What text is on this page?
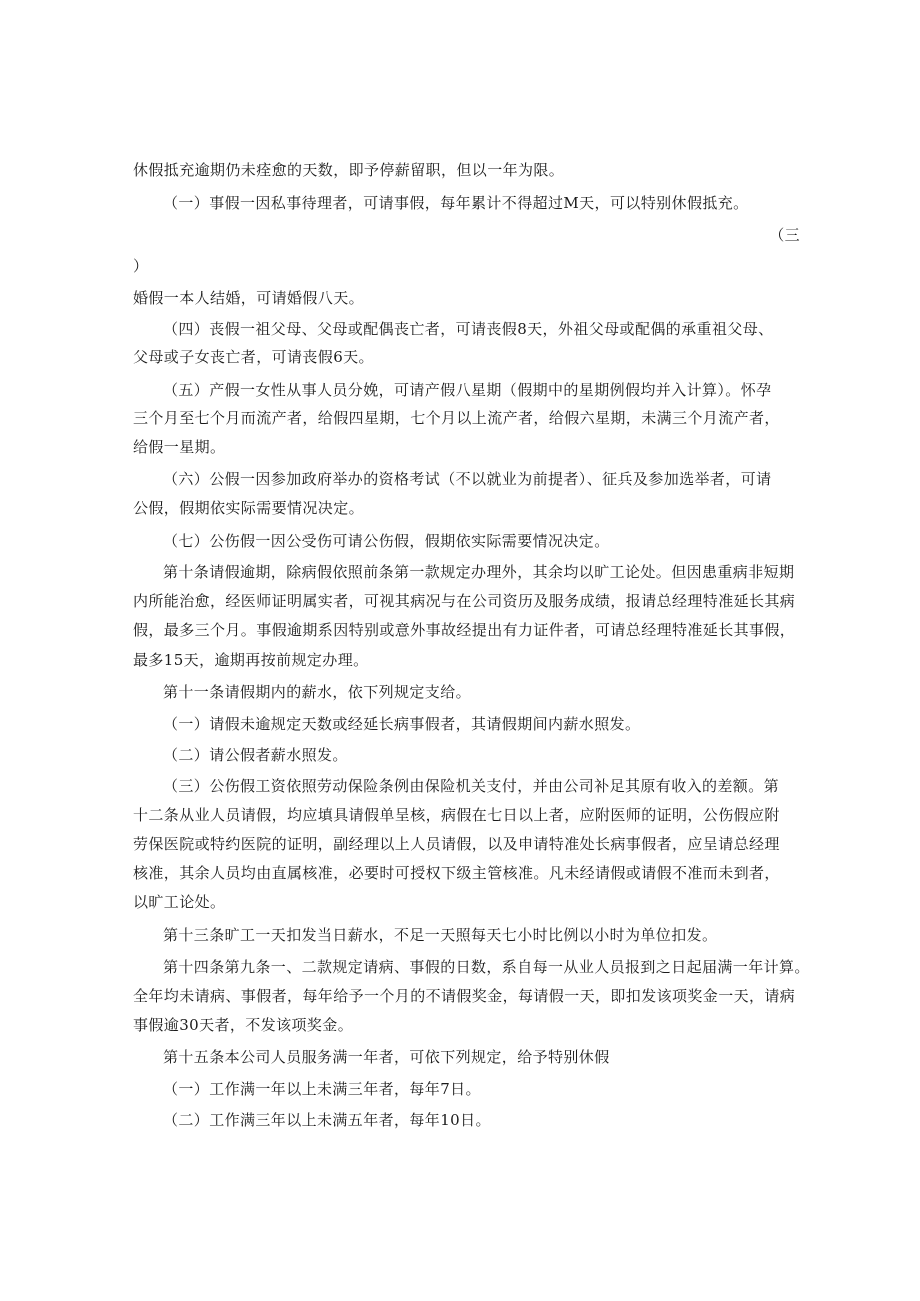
休假抵充逾期仍未痊愈的天数，即予停薪留职，但以一年为限。
（一）事假一因私事待理者，可请事假，每年累计不得超过M天，可以特别休假抵充。
（三
）
婚假一本人结婚，可请婚假八天。
（四）丧假一祖父母、父母或配偶丧亡者，可请丧假8天，外祖父母或配偶的承重祖父母、
父母或子女丧亡者，可请丧假6天。
（五）产假一女性从事人员分娩，可请产假八星期（假期中的星期例假均并入计算）。怀孕
三个月至七个月而流产者，给假四星期，七个月以上流产者，给假六星期，未满三个月流产者，
给假一星期。
（六）公假一因参加政府举办的资格考试（不以就业为前提者）、征兵及参加选举者，可请
公假，假期依实际需要情况决定。
（七）公伤假一因公受伤可请公伤假，假期依实际需要情况决定。
第十条请假逾期，除病假依照前条第一款规定办理外，其余均以旷工论处。但因患重病非短期
内所能治愈，经医师证明属实者，可视其病况与在公司资历及服务成绩，报请总经理特准延长其病
假，最多三个月。事假逾期系因特别或意外事故经提出有力证件者，可请总经理特准延长其事假，
最多15天，逾期再按前规定办理。
第十一条请假期内的薪水，依下列规定支给。
（一）请假未逾规定天数或经延长病事假者，其请假期间内薪水照发。
（二）请公假者薪水照发。
（三）公伤假工资依照劳动保险条例由保险机关支付，并由公司补足其原有收入的差额。第
十二条从业人员请假，均应填具请假单呈核，病假在七日以上者，应附医师的证明，公伤假应附
劳保医院或特约医院的证明，副经理以上人员请假，以及申请特准处长病事假者，应呈请总经理
核准，其余人员均由直属核准，必要时可授权下级主管核准。凡未经请假或请假不准而未到者，
以旷工论处。
第十三条旷工一天扣发当日薪水，不足一天照每天七小时比例以小时为单位扣发。
第十四条第九条一、二款规定请病、事假的日数，系自每一从业人员报到之日起届满一年计算。
全年均未请病、事假者，每年给予一个月的不请假奖金，每请假一天，即扣发该项奖金一天，请病
事假逾30天者，不发该项奖金。
第十五条本公司人员服务满一年者，可依下列规定，给予特别休假
（一）工作满一年以上未满三年者，每年7日。
（二）工作满三年以上未满五年者，每年10日。
